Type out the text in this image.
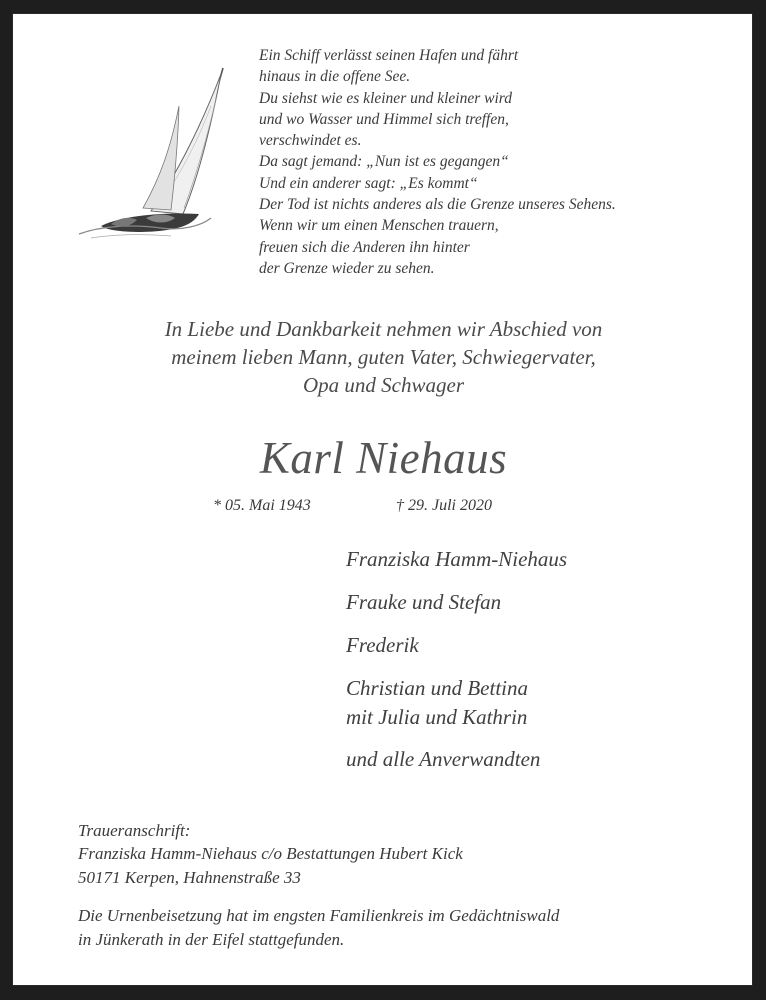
Ein Schiff verlässt seinen Hafen und fährt
hinaus in die offene See.
Du siehst wie es kleiner und kleiner wird
und wo Wasser und Himmel sich treffen,
verschwindet es.
Da sagt jemand: „Nun ist es gegangen“
Und ein anderer sagt: „Es kommt“
Der Tod ist nichts anderes als die Grenze unseres Sehens.
Wenn wir um einen Menschen trauern,
freuen sich die Anderen ihn hinter
der Grenze wieder zu sehen.
In Liebe und Dankbarkeit nehmen wir Abschied von
meinem lieben Mann, guten Vater, Schwiegervater,
Opa und Schwager
Karl Niehaus
* 05. Mai 1943	† 29. Juli 2020
Franziska Hamm-Niehaus
Frauke und Stefan
Frederik
Christian und Bettina
mit Julia und Kathrin
und alle Anverwandten
Traueranschrift:
Franziska Hamm-Niehaus c/o Bestattungen Hubert Kick
50171 Kerpen, Hahnenstraße 33
Die Urnenbeisetzung hat im engsten Familienkreis im Gedächtniswald
in Jünkerath in der Eifel stattgefunden.
